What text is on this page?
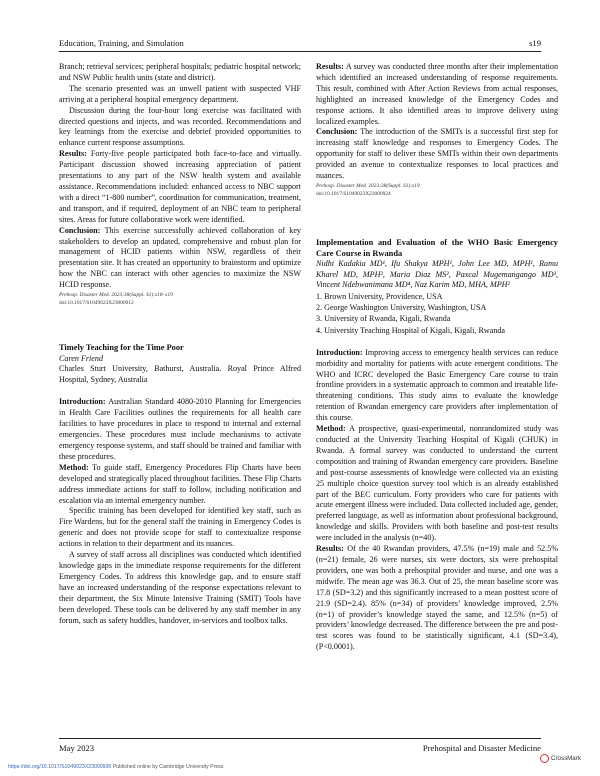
Education, Training, and Simulation	s19

Branch; retrieval services; peripheral hospitals; pediatric hospital network; and NSW Public health units (state and district).

The scenario presented was an unwell patient with suspected VHF arriving at a peripheral hospital emergency department.

Discussion during the four-hour long exercise was facilitated with directed questions and injects, and was recorded. Recommendations and key learnings from the exercise and debrief provided opportunities to enhance current response assumptions.

Results: Forty-five people participated both face-to-face and virtually. Participant discussion showed increasing appreciation of patient presentations to any part of the NSW health system and available assistance. Recommendations included: enhanced access to NBC support with a direct “1-800 number”, coordination for communication, treatment, and transport, and if required, deployment of an NBC team to peripheral sites. Areas for future collaborative work were identified.

Conclusion: This exercise successfully achieved collaboration of key stakeholders to develop an updated, comprehensive and robust plan for management of HCID patients within NSW, regardless of their presentation site. It has created an opportunity to brainstorm and optimize how the NBC can interact with other agencies to maximize the NSW HCID response.

Prehosp. Disaster Med. 2023;38(Suppl. S1):s18–s19
doi:10.1017/S1049023X23000912
Timely Teaching for the Time Poor
Caren Friend
Charles Sturt University, Bathurst, Australia. Royal Prince Alfred Hospital, Sydney, Australia

Introduction: Australian Standard 4080-2010 Planning for Emergencies in Health Care Facilities outlines the requirements for all health care facilities to have procedures in place to respond to internal and external emergencies. These procedures must include mechanisms to activate emergency response systems, and staff should be trained and familiar with these procedures.

Method: To guide staff, Emergency Procedures Flip Charts have been developed and strategically placed throughout facilities. These Flip Charts address immediate actions for staff to follow, including notification and escalation via an internal emergency number.

Specific training has been developed for identified key staff, such as Fire Wardens, but for the general staff the training in Emergency Codes is generic and does not provide scope for staff to contextualize response actions in relation to their department and its nuances.

A survey of staff across all disciplines was conducted which identified knowledge gaps in the immediate response requirements for the different Emergency Codes. To address this knowledge gap, and to ensure staff have an increased understanding of the response expectations relevant to their department, the Six Minute Intensive Training (SMIT) Tools have been developed. These tools can be delivered by any staff member in any forum, such as safety huddles, handover, in-services and toolbox talks.

Results: A survey was conducted three months after their implementation which identified an increased understanding of response requirements. This result, combined with After Action Reviews from actual responses, highlighted an increased knowledge of the Emergency Codes and response actions. It also identified areas to improve delivery using localized examples.

Conclusion: The introduction of the SMITs is a successful first step for increasing staff knowledge and responses to Emergency Codes. The opportunity for staff to deliver these SMITs within their own departments provided an avenue to contextualize responses to local practices and nuances.

Prehosp. Disaster Med. 2023;38(Suppl. S1):s19
doi:10.1017/S1049023X23000924
Implementation and Evaluation of the WHO Basic Emergency Care Course in Rwanda
Nidhi Kadakia MD¹, Ifu Shakya MPH¹, John Lee MD, MPH¹, Ramu Kharel MD, MPH², Maria Diaz MS², Paxcal Mugemangango MD³, Vincent Ndebwanimana MD⁴, Naz Karim MD, MHA, MPH²
1. Brown University, Providence, USA
2. George Washington University, Washington, USA
3. University of Rwanda, Kigali, Rwanda
4. University Teaching Hospital of Kigali, Kigali, Rwanda

Introduction: Improving access to emergency health services can reduce morbidity and mortality for patients with acute emergent conditions. The WHO and ICRC developed the Basic Emergency Care course to train frontline providers in a systematic approach to common and treatable life-threatening conditions. This study aims to evaluate the knowledge retention of Rwandan emergency care providers after implementation of this course.

Method: A prospective, quasi-experimental, nonrandomized study was conducted at the University Teaching Hospital of Kigali (CHUK) in Rwanda. A formal survey was conducted to understand the current composition and training of Rwandan emergency care providers. Baseline and post-course assessments of knowledge were collected via an existing 25 multiple choice question survey tool which is an already established part of the BEC curriculum. Forty providers who care for patients with acute emergent illness were included. Data collected included age, gender, preferred language, as well as information about professional background, knowledge and skills. Providers with both baseline and post-test results were included in the analysis (n=40).

Results: Of the 40 Rwandan providers, 47.5% (n=19) male and 52.5% (n=21) female, 26 were nurses, six were doctors, six were prehospital providers, one was both a prehospital provider and nurse, and one was a midwife. The mean age was 36.3. Out of 25, the mean baseline score was 17.8 (SD=3.2) and this significantly increased to a mean posttest score of 21.9 (SD=2.4). 85% (n=34) of providers’ knowledge improved, 2.5% (n=1) of provider’s knowledge stayed the same, and 12.5% (n=5) of providers’ knowledge decreased. The difference between the pre and post-test scores was found to be statistically significant, 4.1 (SD=3.4), (P<0.0001).

May 2023	Prehospital and Disaster Medicine
https://doi.org/10.1017/S1049023X23000936 Published online by Cambridge University Press
CrossMark
